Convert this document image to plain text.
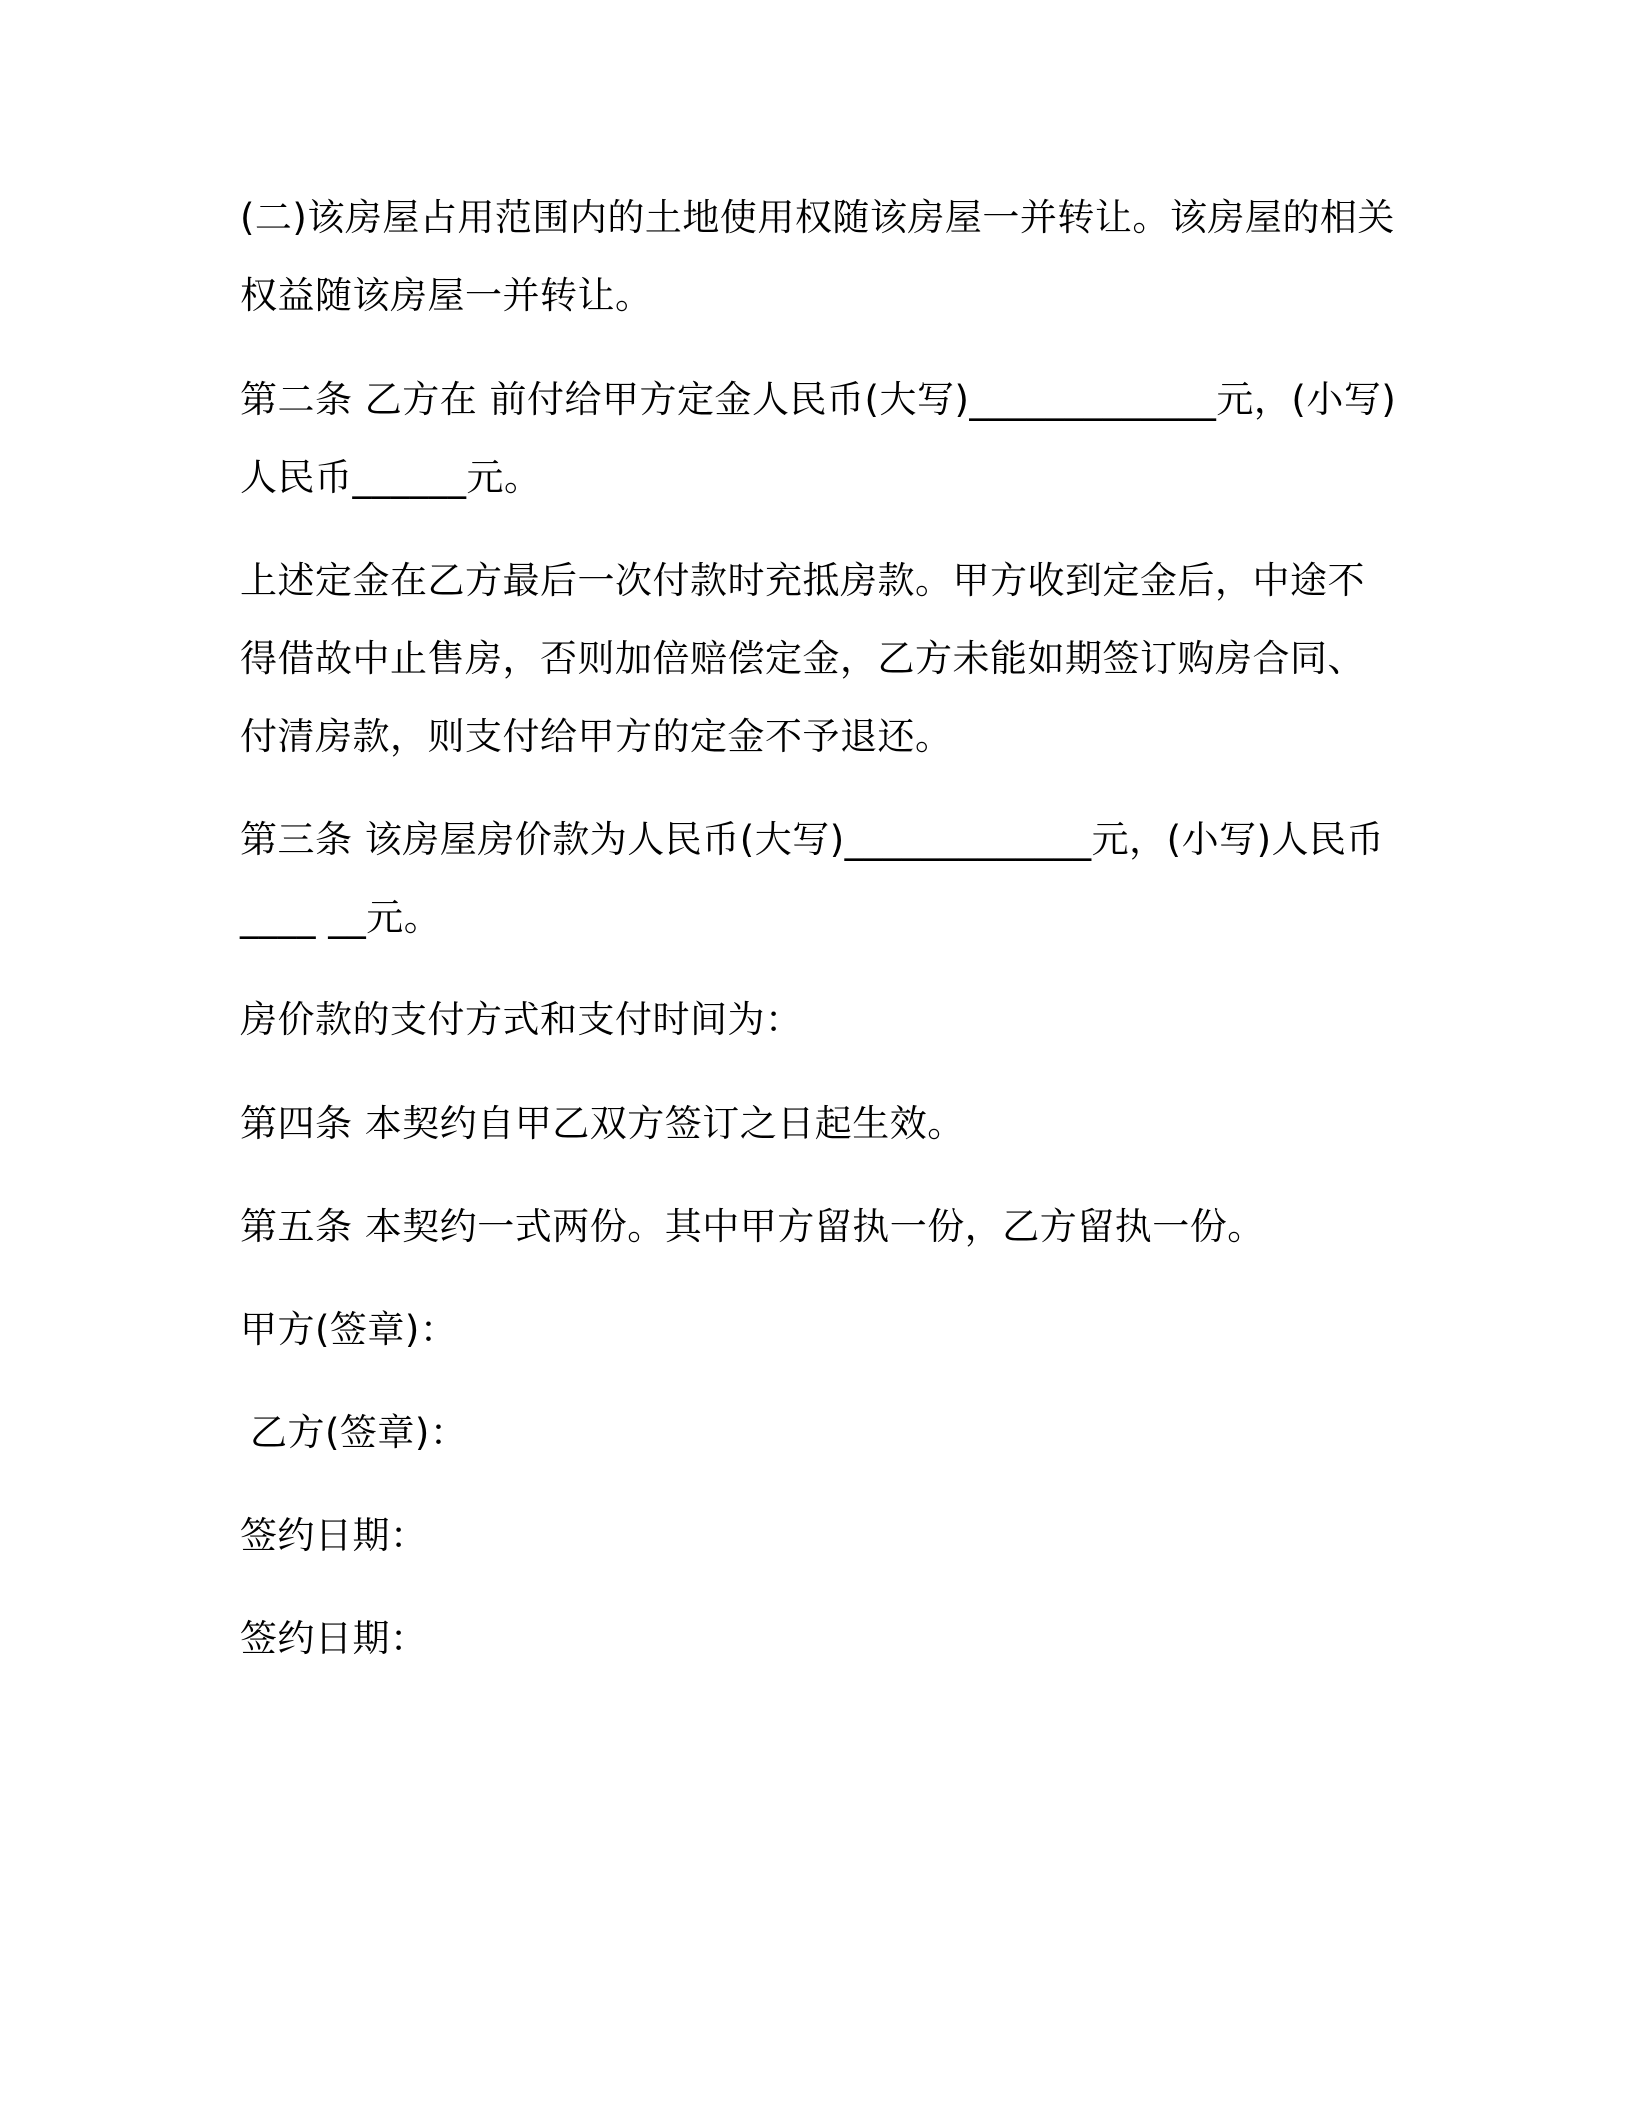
(二)该房屋占用范围内的土地使用权随该房屋一并转让。该房屋的相关
权益随该房屋一并转让。
第二条 乙方在 前付给甲方定金人民币(大写)_____________元，(小写)
人民币______元。
上述定金在乙方最后一次付款时充抵房款。甲方收到定金后，中途不
得借故中止售房，否则加倍赔偿定金，乙方未能如期签订购房合同、
付清房款，则支付给甲方的定金不予退还。
第三条 该房屋房价款为人民币(大写)_____________元，(小写)人民币
____ __元。
房价款的支付方式和支付时间为：
第四条 本契约自甲乙双方签订之日起生效。
第五条 本契约一式两份。其中甲方留执一份，乙方留执一份。
甲方(签章)：
乙方(签章)：
签约日期：
签约日期：
